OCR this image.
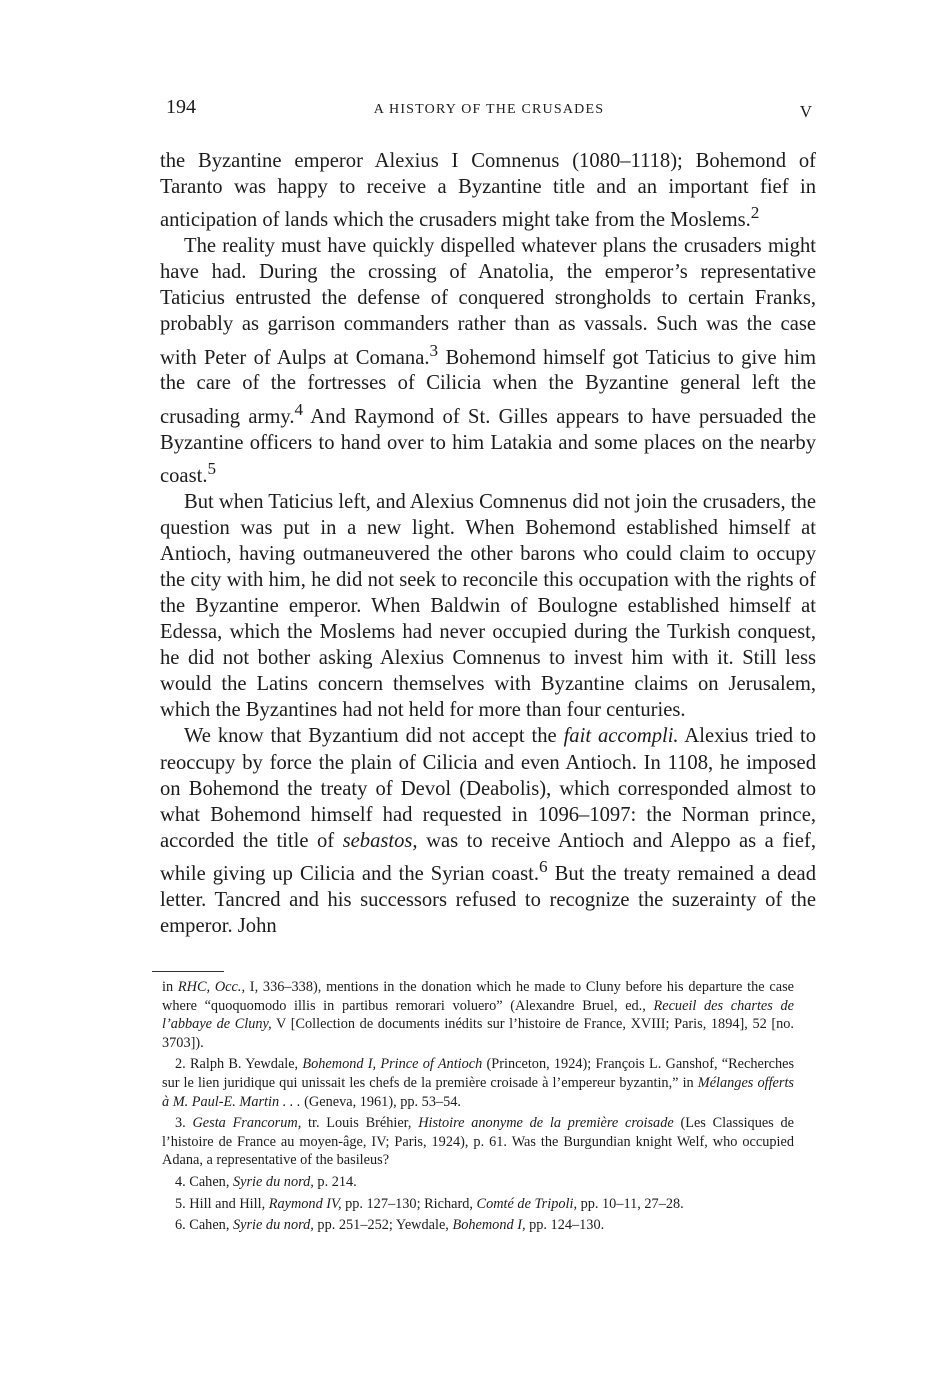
194	A HISTORY OF THE CRUSADES	V

the Byzantine emperor Alexius I Comnenus (1080–1118); Bohemond of Taranto was happy to receive a Byzantine title and an important fief in anticipation of lands which the crusaders might take from the Moslems.$^2$

The reality must have quickly dispelled whatever plans the crusaders might have had. During the crossing of Anatolia, the emperor’s representative Taticius entrusted the defense of conquered strongholds to certain Franks, probably as garrison commanders rather than as vassals. Such was the case with Peter of Aulps at Comana.$^3$ Bohemond himself got Taticius to give him the care of the fortresses of Cilicia when the Byzantine general left the crusading army.$^4$ And Raymond of St. Gilles appears to have persuaded the Byzantine officers to hand over to him Latakia and some places on the nearby coast.$^5$

But when Taticius left, and Alexius Comnenus did not join the crusaders, the question was put in a new light. When Bohemond established himself at Antioch, having outmaneuvered the other barons who could claim to occupy the city with him, he did not seek to reconcile this occupation with the rights of the Byzantine emperor. When Baldwin of Boulogne established himself at Edessa, which the Moslems had never occupied during the Turkish conquest, he did not bother asking Alexius Comnenus to invest him with it. Still less would the Latins concern themselves with Byzantine claims on Jerusalem, which the Byzantines had not held for more than four centuries.

We know that Byzantium did not accept the fait accompli. Alexius tried to reoccupy by force the plain of Cilicia and even Antioch. In 1108, he imposed on Bohemond the treaty of Devol (Deabolis), which corresponded almost to what Bohemond himself had requested in 1096–1097: the Norman prince, accorded the title of sebastos, was to receive Antioch and Aleppo as a fief, while giving up Cilicia and the Syrian coast.$^6$ But the treaty remained a dead letter. Tancred and his successors refused to recognize the suzerainty of the emperor. John

in RHC, Occ., I, 336–338), mentions in the donation which he made to Cluny before his departure the case where “quoquomodo illis in partibus remorari voluero” (Alexandre Bruel, ed., Recueil des chartes de l’abbaye de Cluny, V [Collection de documents inédits sur l’histoire de France, XVIII; Paris, 1894], 52 [no. 3703]).

2. Ralph B. Yewdale, Bohemond I, Prince of Antioch (Princeton, 1924); François L. Ganshof, “Recherches sur le lien juridique qui unissait les chefs de la première croisade à l’empereur byzantin,” in Mélanges offerts à M. Paul-E. Martin . . . (Geneva, 1961), pp. 53–54.

3. Gesta Francorum, tr. Louis Bréhier, Histoire anonyme de la première croisade (Les Classiques de l’histoire de France au moyen-âge, IV; Paris, 1924), p. 61. Was the Burgundian knight Welf, who occupied Adana, a representative of the basileus?

4. Cahen, Syrie du nord, p. 214.

5. Hill and Hill, Raymond IV, pp. 127–130; Richard, Comté de Tripoli, pp. 10–11, 27–28.

6. Cahen, Syrie du nord, pp. 251–252; Yewdale, Bohemond I, pp. 124–130.
